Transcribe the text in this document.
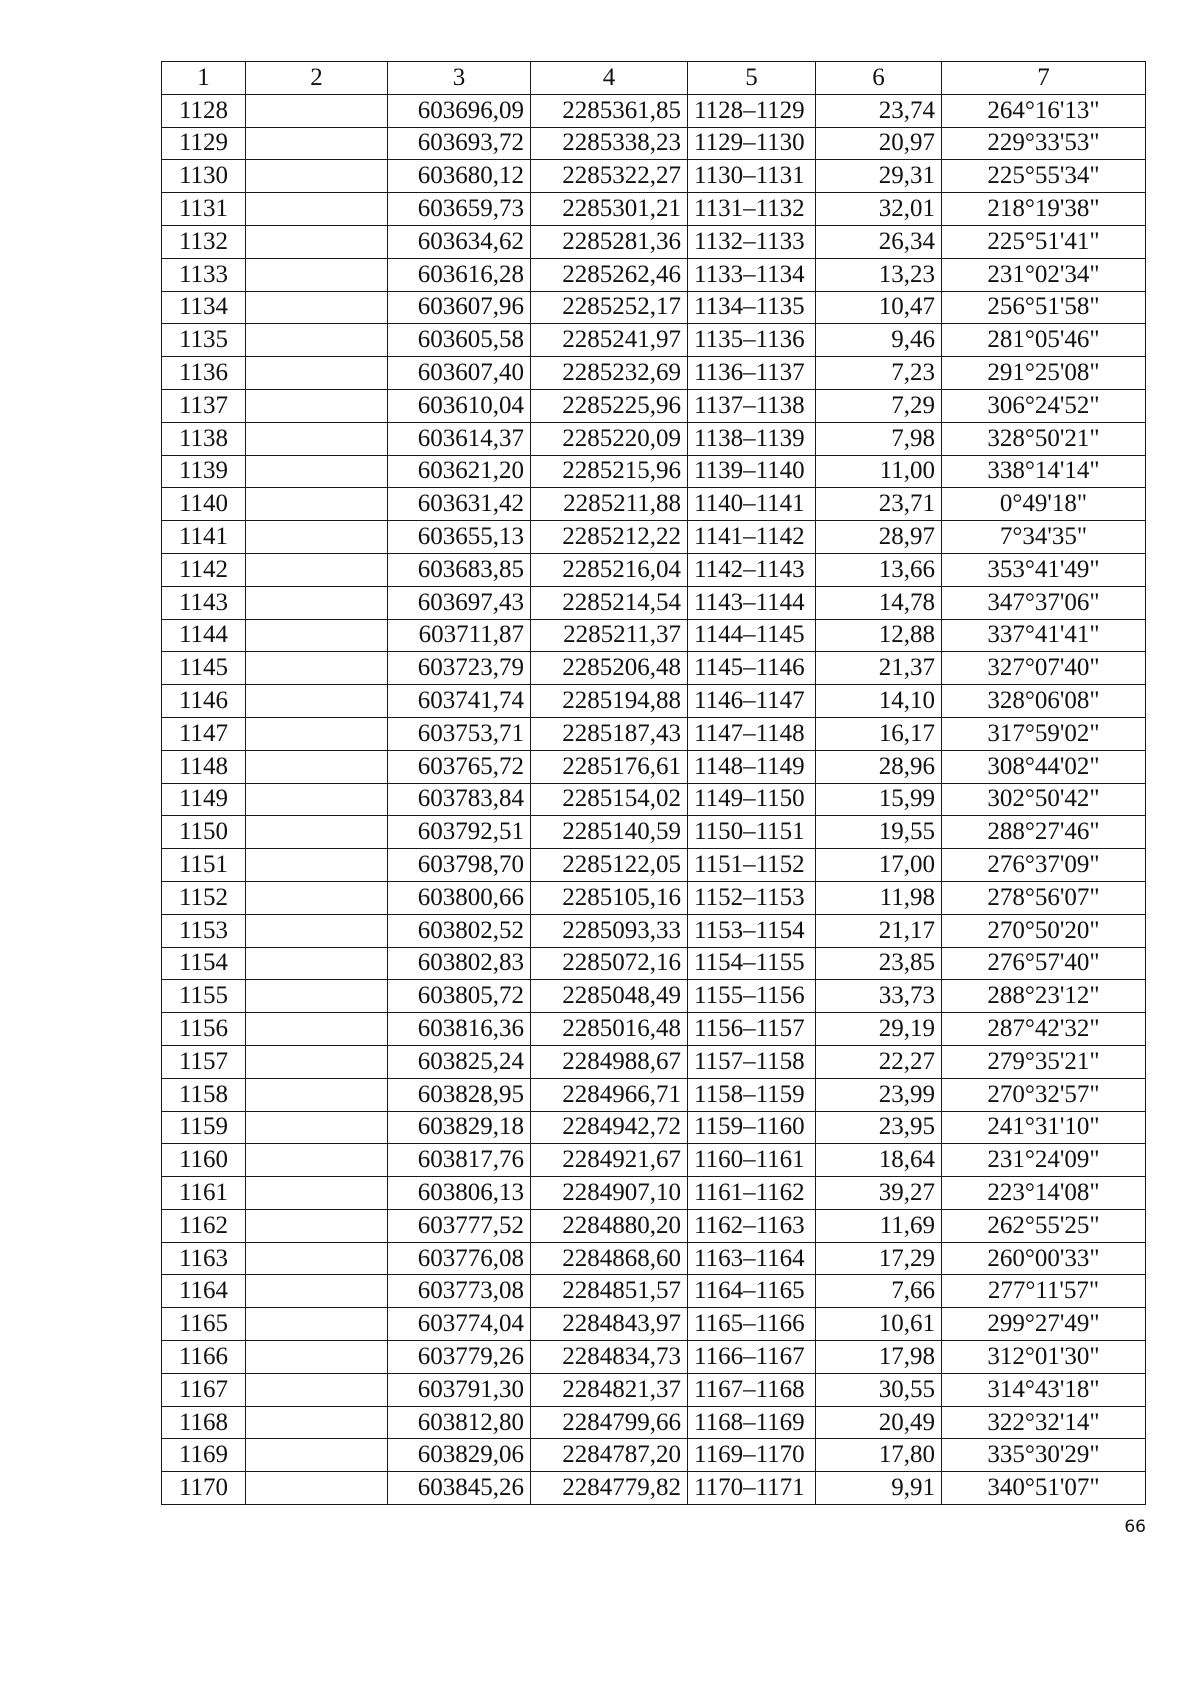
1	2	3	4	5	6	7
1128		603696,09	2285361,85	1128–1129	23,74	264°16'13"
1129		603693,72	2285338,23	1129–1130	20,97	229°33'53"
1130		603680,12	2285322,27	1130–1131	29,31	225°55'34"
1131		603659,73	2285301,21	1131–1132	32,01	218°19'38"
1132		603634,62	2285281,36	1132–1133	26,34	225°51'41"
1133		603616,28	2285262,46	1133–1134	13,23	231°02'34"
1134		603607,96	2285252,17	1134–1135	10,47	256°51'58"
1135		603605,58	2285241,97	1135–1136	9,46	281°05'46"
1136		603607,40	2285232,69	1136–1137	7,23	291°25'08"
1137		603610,04	2285225,96	1137–1138	7,29	306°24'52"
1138		603614,37	2285220,09	1138–1139	7,98	328°50'21"
1139		603621,20	2285215,96	1139–1140	11,00	338°14'14"
1140		603631,42	2285211,88	1140–1141	23,71	0°49'18"
1141		603655,13	2285212,22	1141–1142	28,97	7°34'35"
1142		603683,85	2285216,04	1142–1143	13,66	353°41'49"
1143		603697,43	2285214,54	1143–1144	14,78	347°37'06"
1144		603711,87	2285211,37	1144–1145	12,88	337°41'41"
1145		603723,79	2285206,48	1145–1146	21,37	327°07'40"
1146		603741,74	2285194,88	1146–1147	14,10	328°06'08"
1147		603753,71	2285187,43	1147–1148	16,17	317°59'02"
1148		603765,72	2285176,61	1148–1149	28,96	308°44'02"
1149		603783,84	2285154,02	1149–1150	15,99	302°50'42"
1150		603792,51	2285140,59	1150–1151	19,55	288°27'46"
1151		603798,70	2285122,05	1151–1152	17,00	276°37'09"
1152		603800,66	2285105,16	1152–1153	11,98	278°56'07"
1153		603802,52	2285093,33	1153–1154	21,17	270°50'20"
1154		603802,83	2285072,16	1154–1155	23,85	276°57'40"
1155		603805,72	2285048,49	1155–1156	33,73	288°23'12"
1156		603816,36	2285016,48	1156–1157	29,19	287°42'32"
1157		603825,24	2284988,67	1157–1158	22,27	279°35'21"
1158		603828,95	2284966,71	1158–1159	23,99	270°32'57"
1159		603829,18	2284942,72	1159–1160	23,95	241°31'10"
1160		603817,76	2284921,67	1160–1161	18,64	231°24'09"
1161		603806,13	2284907,10	1161–1162	39,27	223°14'08"
1162		603777,52	2284880,20	1162–1163	11,69	262°55'25"
1163		603776,08	2284868,60	1163–1164	17,29	260°00'33"
1164		603773,08	2284851,57	1164–1165	7,66	277°11'57"
1165		603774,04	2284843,97	1165–1166	10,61	299°27'49"
1166		603779,26	2284834,73	1166–1167	17,98	312°01'30"
1167		603791,30	2284821,37	1167–1168	30,55	314°43'18"
1168		603812,80	2284799,66	1168–1169	20,49	322°32'14"
1169		603829,06	2284787,20	1169–1170	17,80	335°30'29"
1170		603845,26	2284779,82	1170–1171	9,91	340°51'07"
66
